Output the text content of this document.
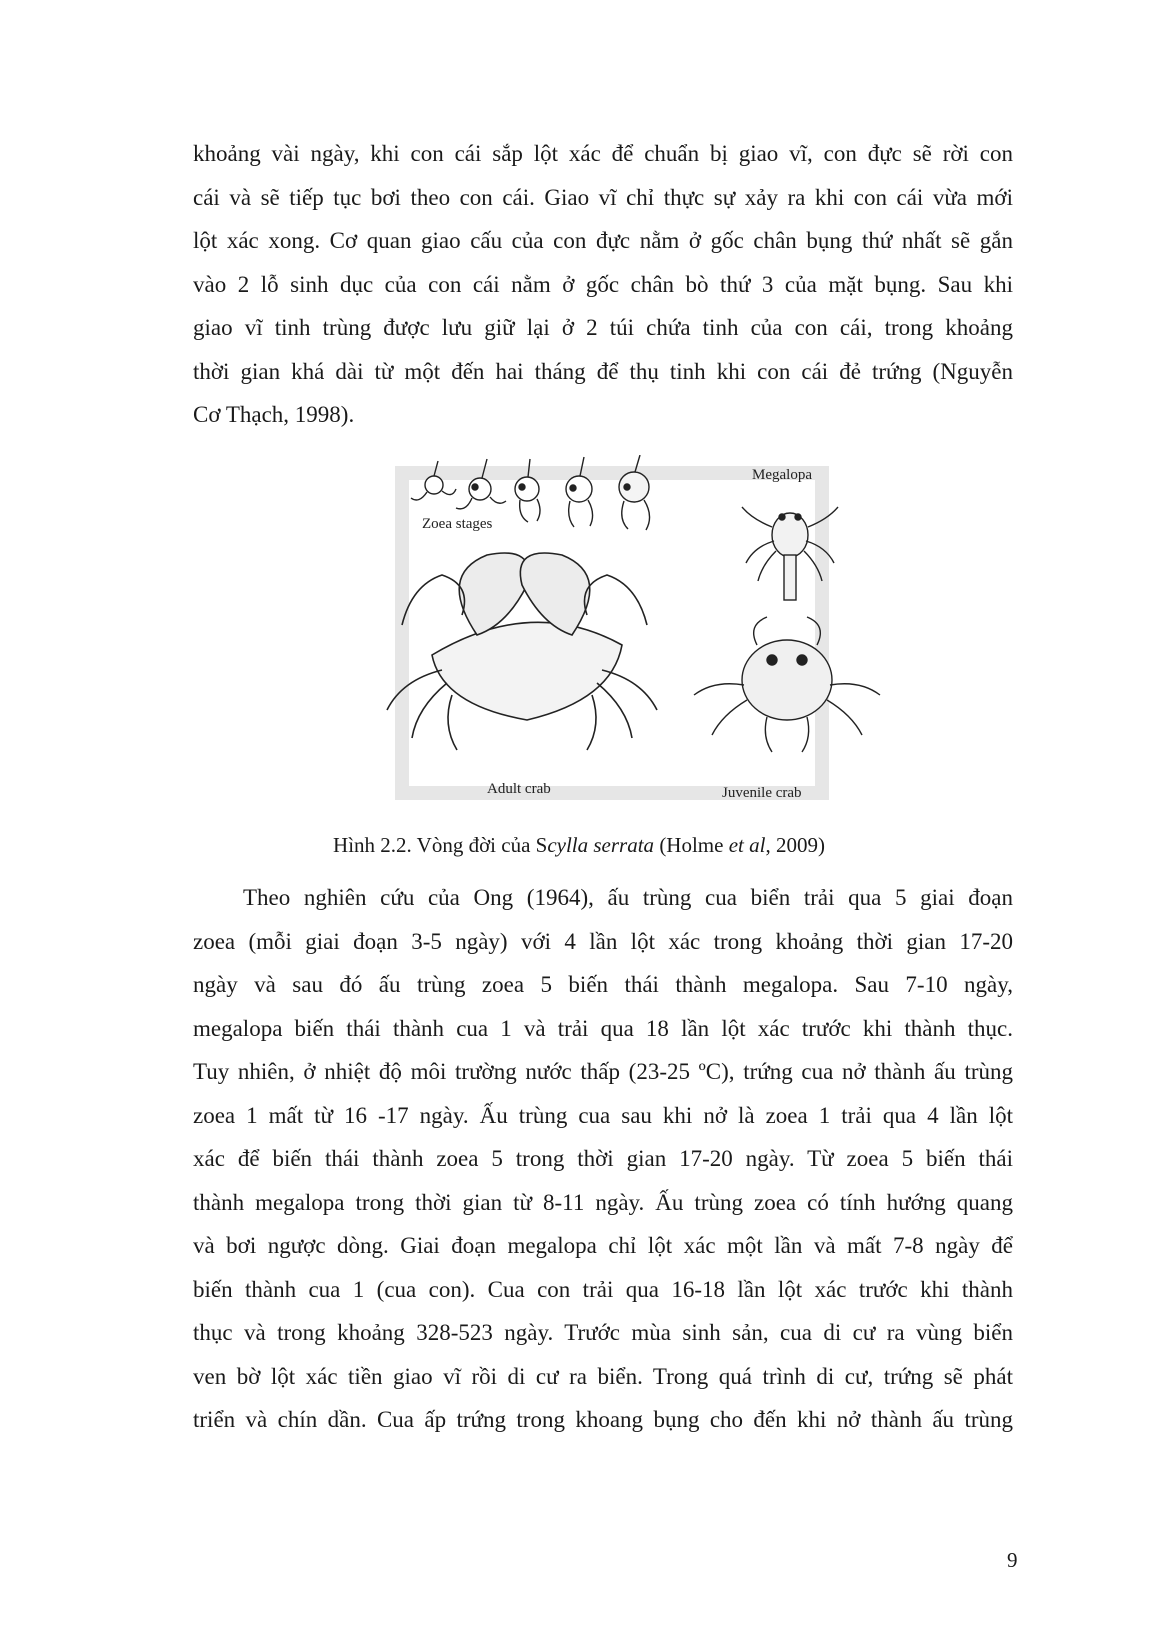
khoảng vài ngày, khi con cái sắp lột xác để chuẩn bị giao vĩ, con đực sẽ rời con
cái và sẽ tiếp tục bơi theo con cái. Giao vĩ chỉ thực sự xảy ra khi con cái vừa mới
lột xác xong. Cơ quan giao cấu của con đực nằm ở gốc chân bụng thứ nhất sẽ gắn
vào 2 lỗ sinh dục của con cái nằm ở gốc chân bò thứ 3 của mặt bụng. Sau khi
giao vĩ tinh trùng được lưu giữ lại ở 2 túi chứa tinh của con cái, trong khoảng
thời gian khá dài từ một đến hai tháng để thụ tinh khi con cái đẻ trứng (Nguyễn
Cơ Thạch, 1998).
Zoea stages
Megalopa
Adult crab	Juvenile crab

Hình 2.2. Vòng đời của Scylla serrata (Holme et al, 2009)

Theo nghiên cứu của Ong (1964), ấu trùng cua biển trải qua 5 giai đoạn
zoea (mỗi giai đoạn 3-5 ngày) với 4 lần lột xác trong khoảng thời gian 17-20
ngày và sau đó ấu trùng zoea 5 biến thái thành megalopa. Sau 7-10 ngày,
megalopa biến thái thành cua 1 và trải qua 18 lần lột xác trước khi thành thục.
Tuy nhiên, ở nhiệt độ môi trường nước thấp (23-25 ºC), trứng cua nở thành ấu trùng
zoea 1 mất từ 16 -17 ngày. Ấu trùng cua sau khi nở là zoea 1 trải qua 4 lần lột
xác để biến thái thành zoea 5 trong thời gian 17-20 ngày. Từ zoea 5 biến thái
thành megalopa trong thời gian từ 8-11 ngày. Ấu trùng zoea có tính hướng quang
và bơi ngược dòng. Giai đoạn megalopa chỉ lột xác một lần và mất 7-8 ngày để
biến thành cua 1 (cua con). Cua con trải qua 16-18 lần lột xác trước khi thành
thục và trong khoảng 328-523 ngày. Trước mùa sinh sản, cua di cư ra vùng biển
ven bờ lột xác tiền giao vĩ rồi di cư ra biển. Trong quá trình di cư, trứng sẽ phát
triển và chín dần. Cua ấp trứng trong khoang bụng cho đến khi nở thành ấu trùng
9
